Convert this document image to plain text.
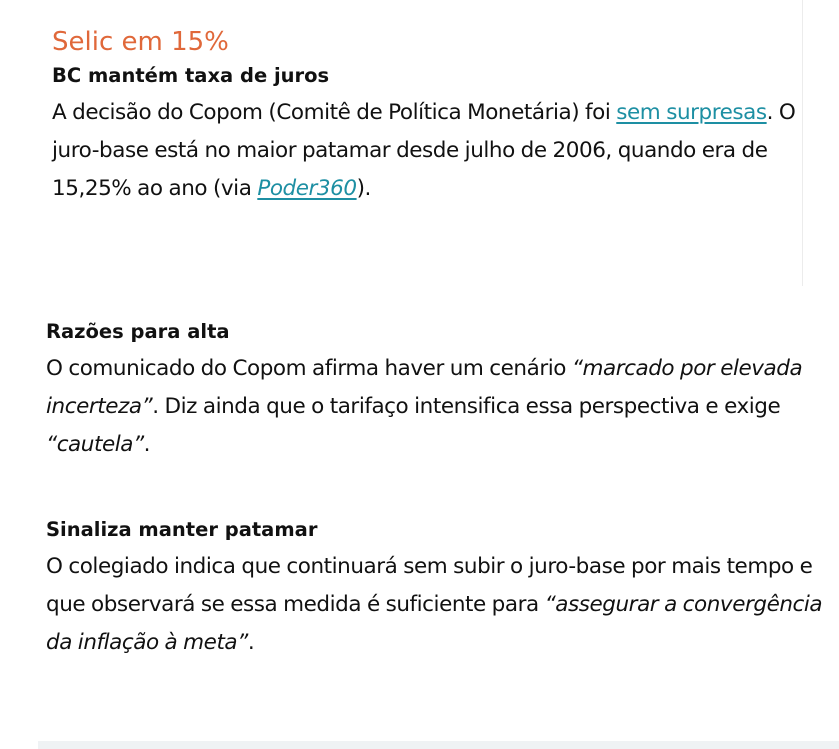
Selic em 15%
BC mantém taxa de juros

A decisão do Copom (Comitê de Política Monetária) foi sem surpresas. O juro-base está no maior patamar desde julho de 2006, quando era de 15,25% ao ano (via Poder360).

Razões para alta

O comunicado do Copom afirma haver um cenário “marcado por elevada incerteza”. Diz ainda que o tarifaço intensifica essa perspectiva e exige “cautela”.

Sinaliza manter patamar

O colegiado indica que continuará sem subir o juro-base por mais tempo e que observará se essa medida é suficiente para “assegurar a convergência da inflação à meta”.
